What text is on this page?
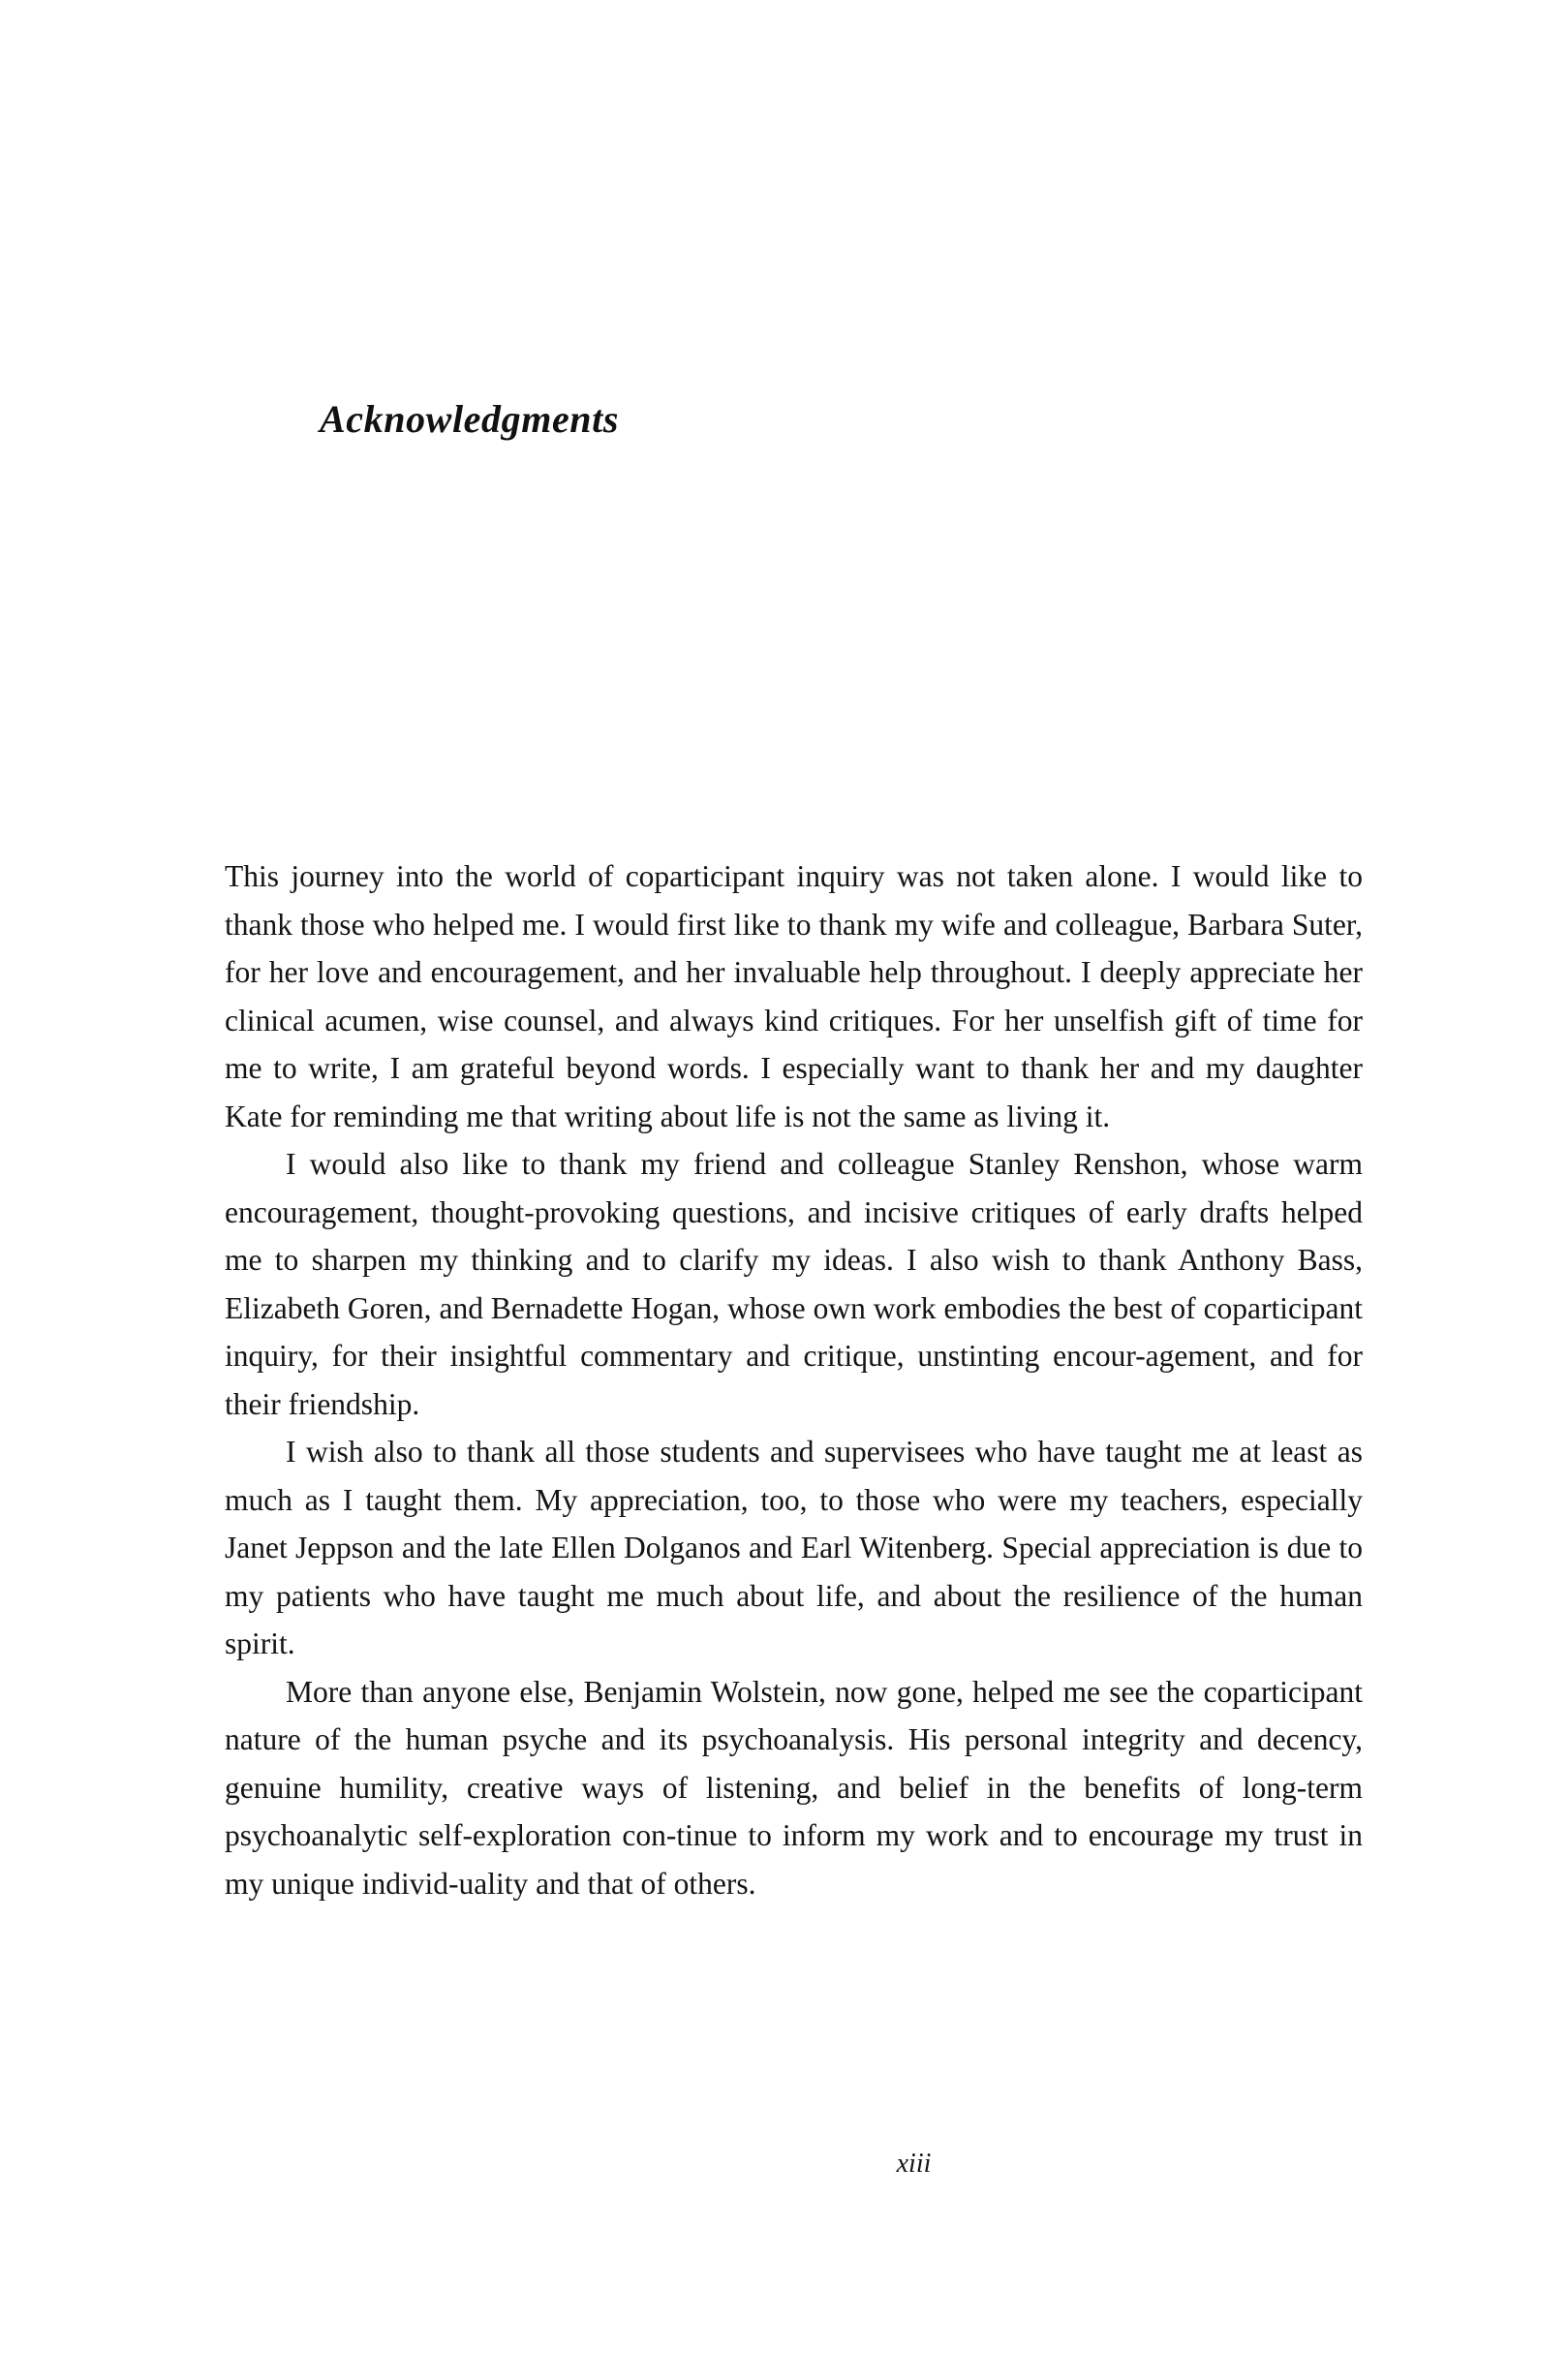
Acknowledgments

This journey into the world of coparticipant inquiry was not taken alone. I would like to thank those who helped me. I would first like to thank my wife and colleague, Barbara Suter, for her love and encouragement, and her invaluable help throughout. I deeply appreciate her clinical acumen, wise counsel, and always kind critiques. For her unselfish gift of time for me to write, I am grateful beyond words. I especially want to thank her and my daughter Kate for reminding me that writing about life is not the same as living it.

I would also like to thank my friend and colleague Stanley Renshon, whose warm encouragement, thought-provoking questions, and incisive critiques of early drafts helped me to sharpen my thinking and to clarify my ideas. I also wish to thank Anthony Bass, Elizabeth Goren, and Bernadette Hogan, whose own work embodies the best of coparticipant inquiry, for their insightful commentary and critique, unstinting encour-agement, and for their friendship.

I wish also to thank all those students and supervisees who have taught me at least as much as I taught them. My appreciation, too, to those who were my teachers, especially Janet Jeppson and the late Ellen Dolganos and Earl Witenberg. Special appreciation is due to my patients who have taught me much about life, and about the resilience of the human spirit.

More than anyone else, Benjamin Wolstein, now gone, helped me see the coparticipant nature of the human psyche and its psychoanalysis. His personal integrity and decency, genuine humility, creative ways of listening, and belief in the benefits of long-term psychoanalytic self-exploration con-tinue to inform my work and to encourage my trust in my unique individ-uality and that of others.

xiii
